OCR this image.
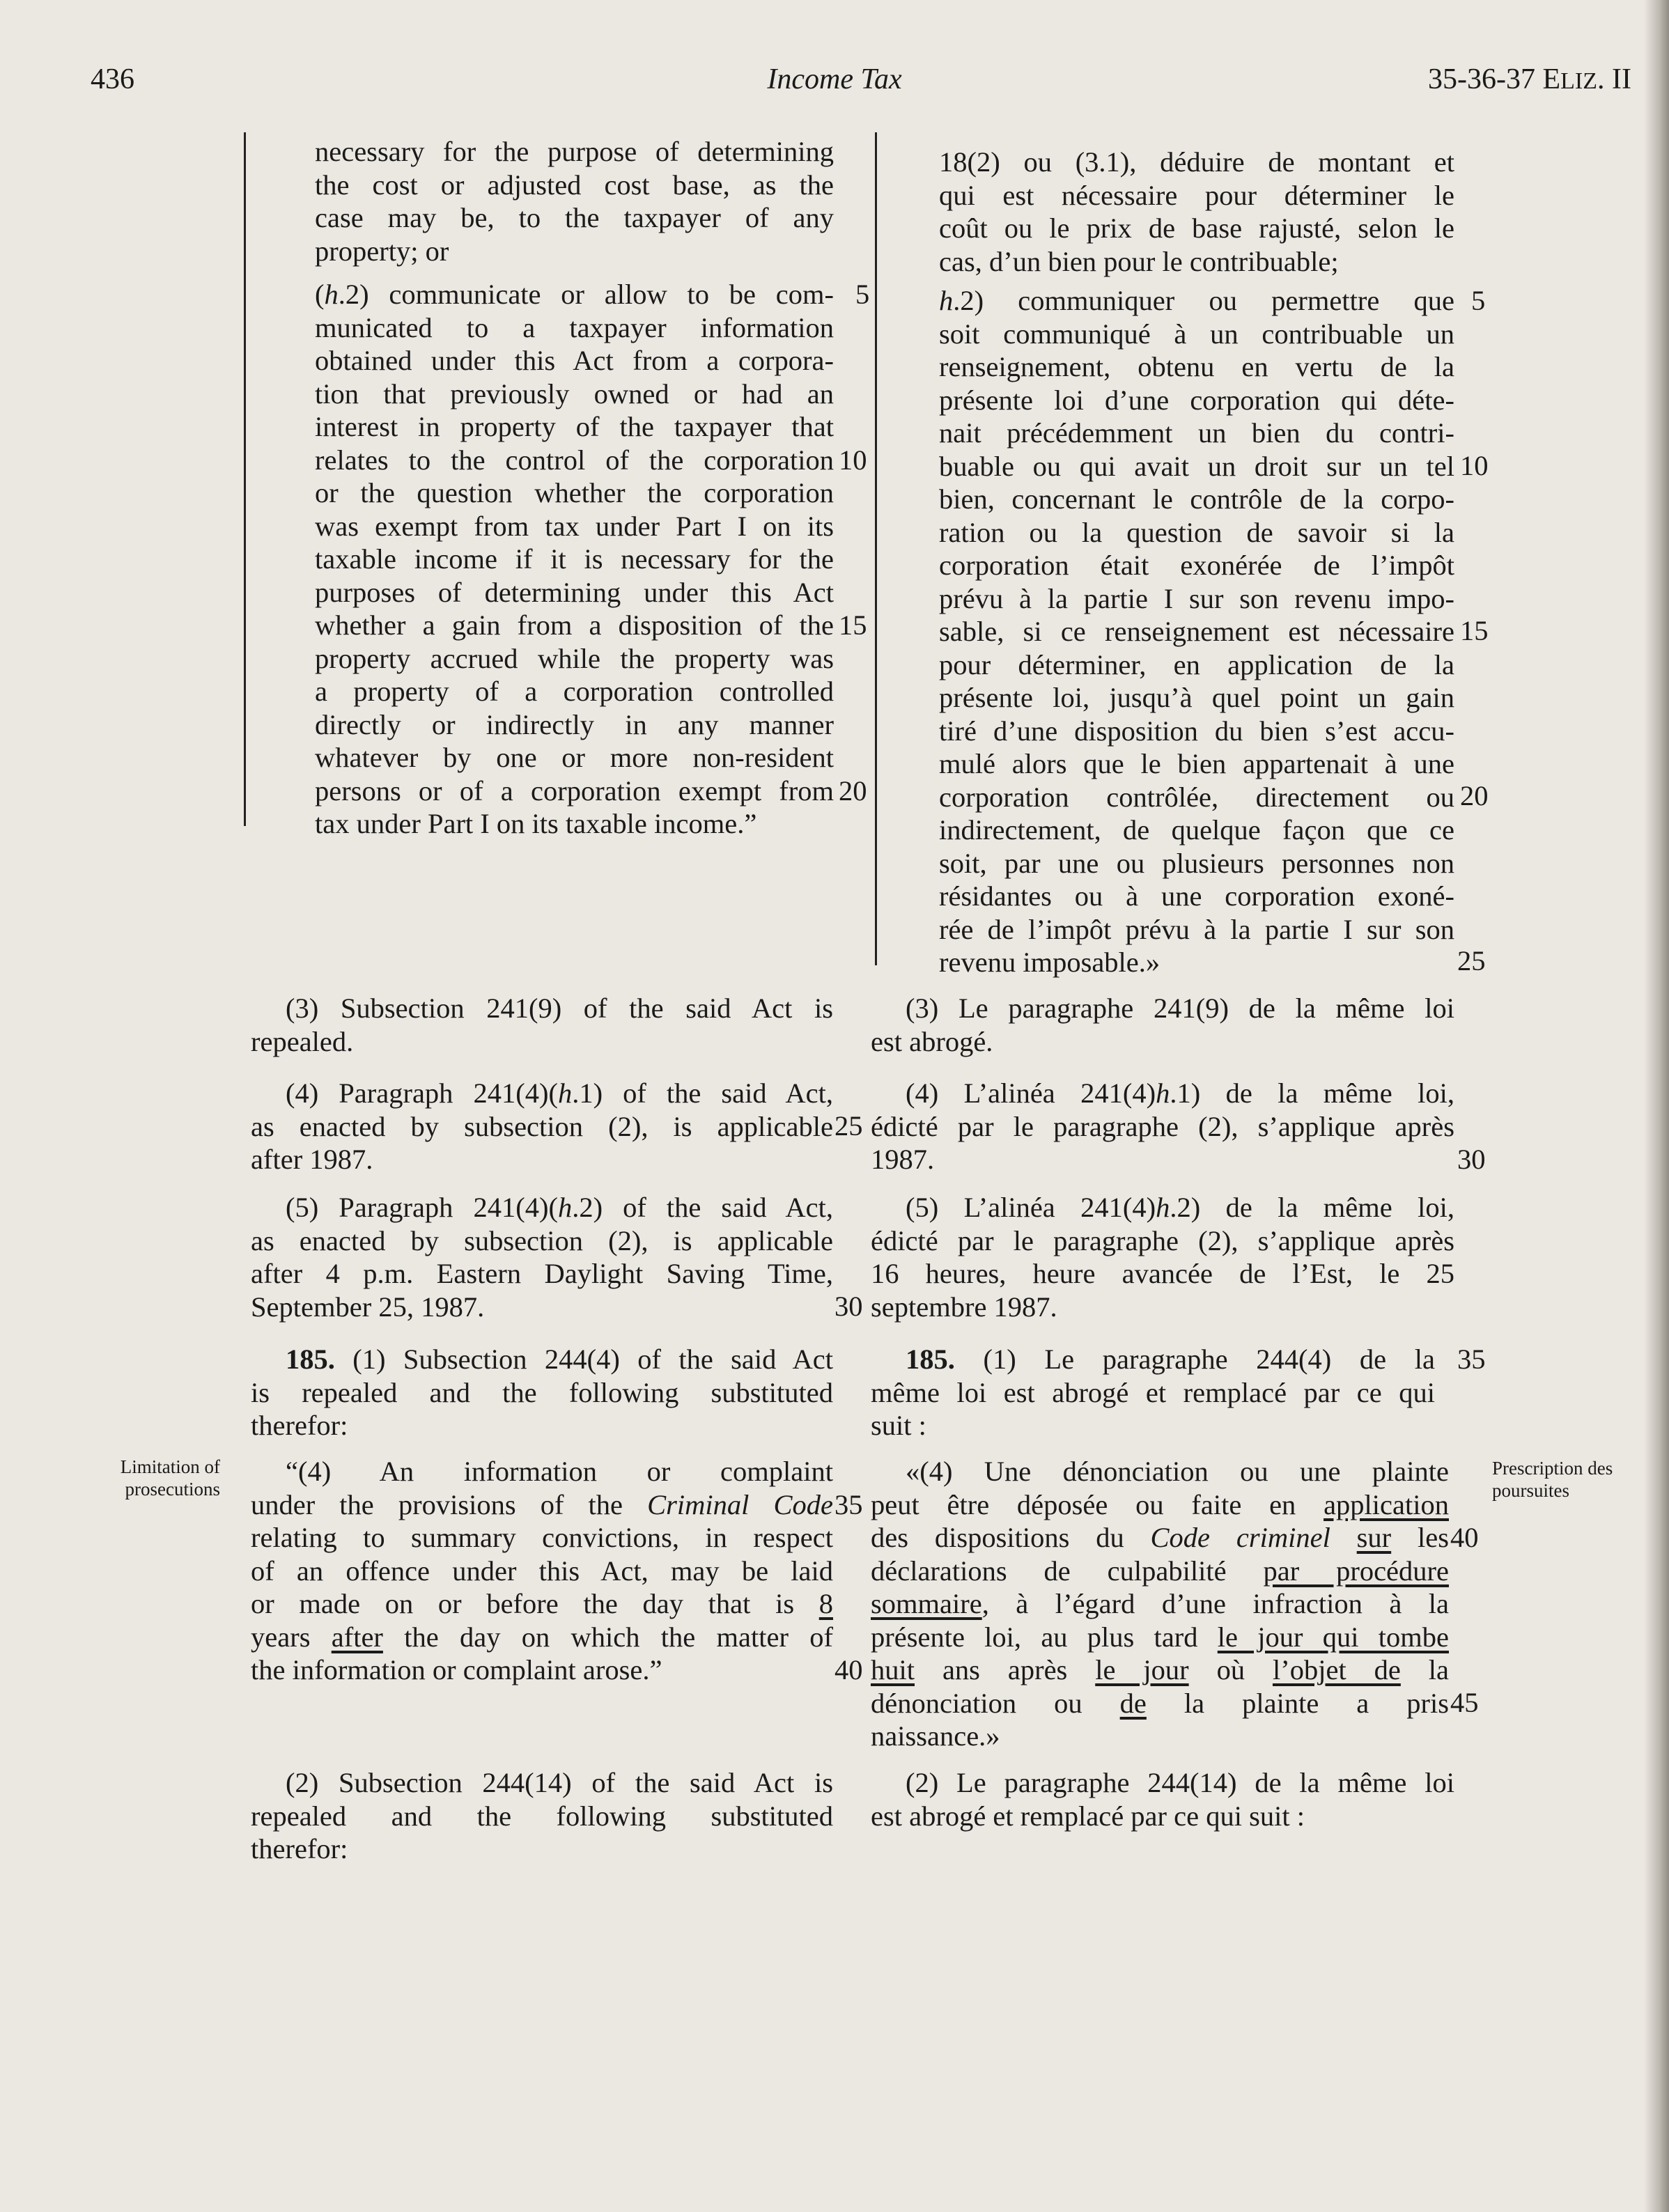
436	Income Tax	35-36-37 ELIZ. II
necessary for the purpose of determining
the cost or adjusted cost base, as the
case may be, to the taxpayer of any
property; or
(h.2) communicate or allow to be com-
municated to a taxpayer information
obtained under this Act from a corpora-
tion that previously owned or had an
interest in property of the taxpayer that
relates to the control of the corporation
or the question whether the corporation
was exempt from tax under Part I on its
taxable income if it is necessary for the
purposes of determining under this Act
whether a gain from a disposition of the
property accrued while the property was
a property of a corporation controlled
directly or indirectly in any manner
whatever by one or more non-resident
persons or of a corporation exempt from
tax under Part I on its taxable income.”
(3) Subsection 241(9) of the said Act is
repealed.
(4) Paragraph 241(4)(h.1) of the said Act,
as enacted by subsection (2), is applicable
after 1987.
(5) Paragraph 241(4)(h.2) of the said Act,
as enacted by subsection (2), is applicable
after 4 p.m. Eastern Daylight Saving Time,
September 25, 1987.
185. (1) Subsection 244(4) of the said Act
is repealed and the following substituted
therefor:
“(4) An information or complaint
under the provisions of the Criminal Code
relating to summary convictions, in respect
of an offence under this Act, may be laid
or made on or before the day that is 8
years after the day on which the matter of
the information or complaint arose.”
(2) Subsection 244(14) of the said Act is
repealed and the following substituted
therefor:
Limitation of
prosecutions
5
10
15
20
25
30
35
40
18(2) ou (3.1), déduire de montant et
qui est nécessaire pour déterminer le
coût ou le prix de base rajusté, selon le
cas, d’un bien pour le contribuable;
h.2) communiquer ou permettre que
soit communiqué à un contribuable un
renseignement, obtenu en vertu de la
présente loi d’une corporation qui déte-
nait précédemment un bien du contri-
buable ou qui avait un droit sur un tel
bien, concernant le contrôle de la corpo-
ration ou la question de savoir si la
corporation était exonérée de l’impôt
prévu à la partie I sur son revenu impo-
sable, si ce renseignement est nécessaire
pour déterminer, en application de la
présente loi, jusqu’à quel point un gain
tiré d’une disposition du bien s’est accu-
mulé alors que le bien appartenait à une
corporation contrôlée, directement ou
indirectement, de quelque façon que ce
soit, par une ou plusieurs personnes non
résidantes ou à une corporation exoné-
rée de l’impôt prévu à la partie I sur son
revenu imposable.»
(3) Le paragraphe 241(9) de la même loi
est abrogé.
(4) L’alinéa 241(4)h.1) de la même loi,
édicté par le paragraphe (2), s’applique après
1987.
(5) L’alinéa 241(4)h.2) de la même loi,
édicté par le paragraphe (2), s’applique après
16 heures, heure avancée de l’Est, le 25
septembre 1987.
185. (1) Le paragraphe 244(4) de la
même loi est abrogé et remplacé par ce qui
suit :
«(4) Une dénonciation ou une plainte
peut être déposée ou faite en application
des dispositions du Code criminel sur les
déclarations de culpabilité par procédure
sommaire, à l’égard d’une infraction à la
présente loi, au plus tard le jour qui tombe
huit ans après le jour où l’objet de la
dénonciation ou de la plainte a pris
naissance.»
(2) Le paragraphe 244(14) de la même loi
est abrogé et remplacé par ce qui suit :
Prescription des
poursuites
5
10
15
20
25
30
35
40
45
